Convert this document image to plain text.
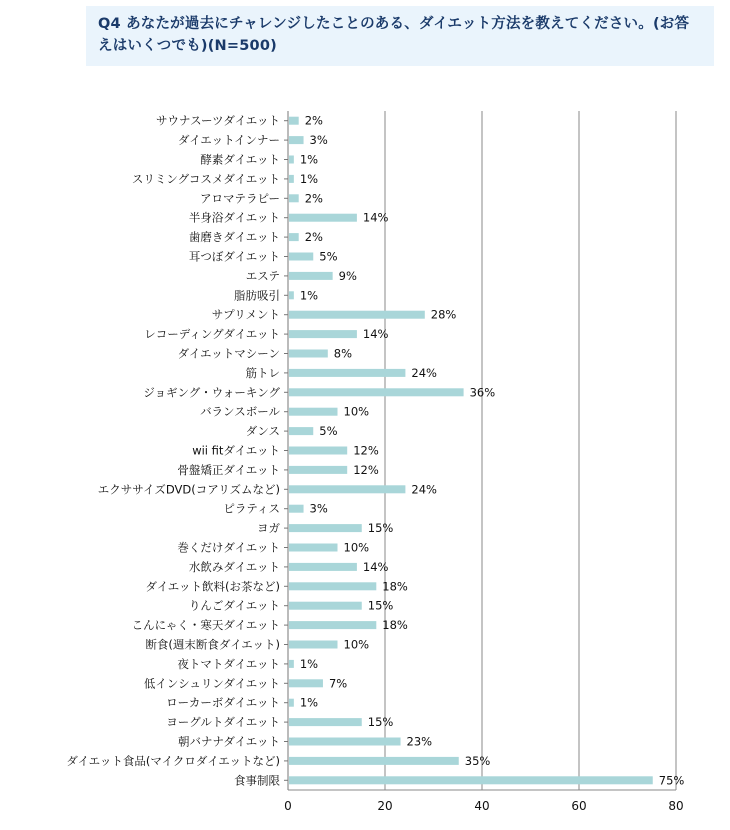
Q4 あなたが過去にチャレンジしたことのある、ダイエット方法を教えてください。(お答えはいくつでも)(N=500)
0	20	40	60	80
サウナスーツダイエット 2%
ダイエットインナー	3%
酵素ダイエット 1%
スリミングコスメダイエット 1%
アロマテラピー 2%
半身浴ダイエット	14%
歯磨きダイエット 2%
耳つぼダイエット	5%
エステ	9%
脂肪吸引 1%
サプリメント	28%
レコーディングダイエット	14%
ダイエットマシーン	8%
筋トレ	24%
ジョギング・ウォーキング	36%
バランスボール	10%
ダンス	5%
wii fitダイエット	12%
骨盤矯正ダイエット	12%
エクササイズDVD(コアリズムなど)	24%
ピラティス	3%
ヨガ	15%
巻くだけダイエット	10%
水飲みダイエット	14%
ダイエット飲料(お茶など)	18%
りんごダイエット	15%
こんにゃく・寒天ダイエット	18%
断食(週末断食ダイエット)	10%
夜トマトダイエット 1%
低インシュリンダイエット	7%
ローカーボダイエット 1%
ヨーグルトダイエット	15%
朝バナナダイエット	23%
ダイエット食品(マイクロダイエットなど)	35%
食事制限	75%
